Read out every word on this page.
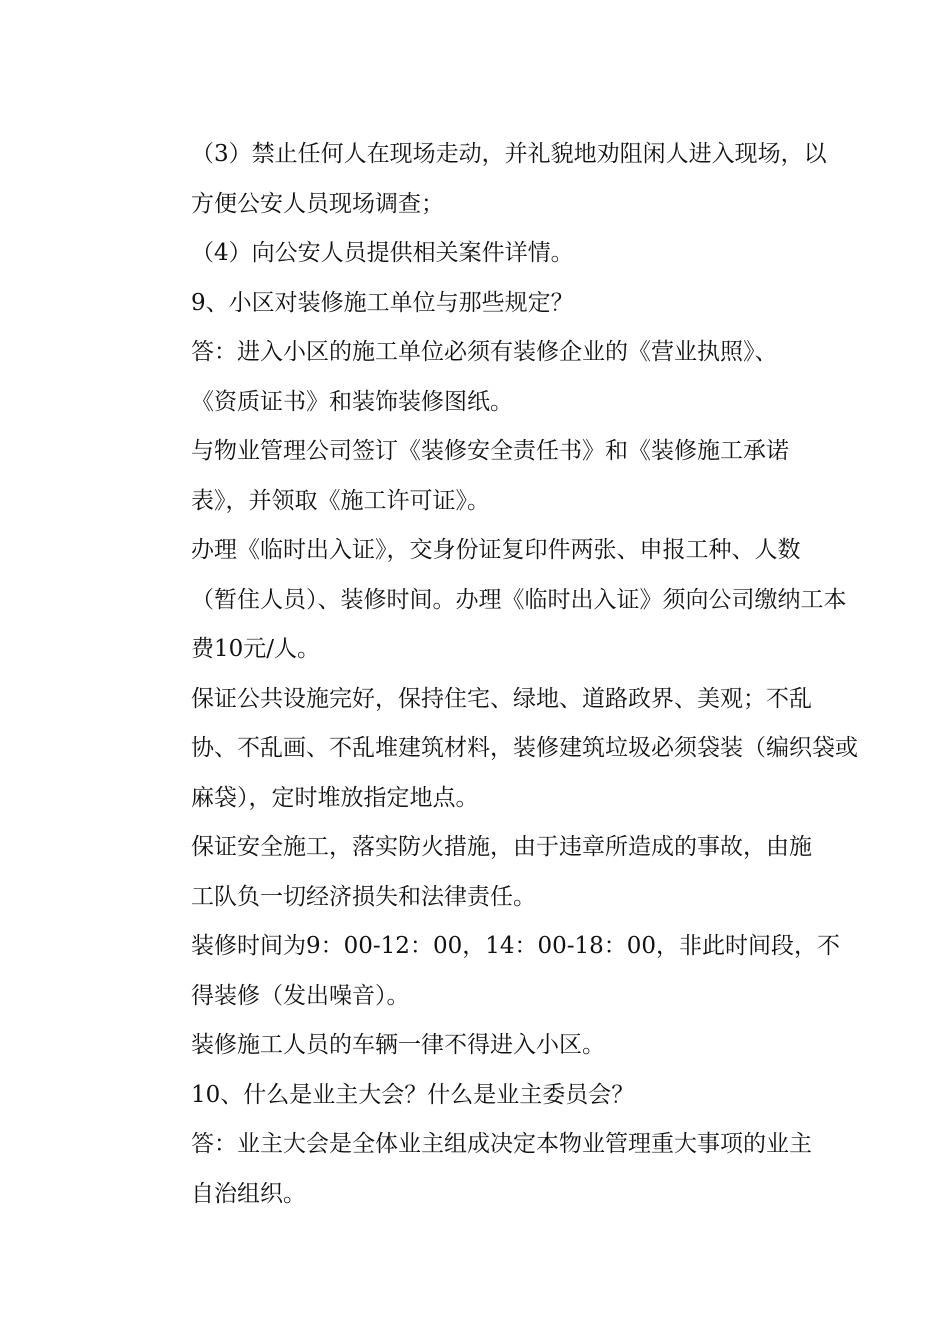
（3）禁止任何人在现场走动，并礼貌地劝阻闲人进入现场，以
方便公安人员现场调查；

（4）向公安人员提供相关案件详情。

9、小区对装修施工单位与那些规定？

答：进入小区的施工单位必须有装修企业的《营业执照》、
《资质证书》和装饰装修图纸。

与物业管理公司签订《装修安全责任书》和《装修施工承诺
表》，并领取《施工许可证》。

办理《临时出入证》，交身份证复印件两张、申报工种、人数
（暂住人员）、装修时间。办理《临时出入证》须向公司缴纳工本
费10元/人。

保证公共设施完好，保持住宅、绿地、道路政界、美观；不乱
协、不乱画、不乱堆建筑材料，装修建筑垃圾必须袋装（编织袋或
麻袋），定时堆放指定地点。

保证安全施工，落实防火措施，由于违章所造成的事故，由施
工队负一切经济损失和法律责任。

装修时间为9：00-12：00，14：00-18：00，非此时间段，不
得装修（发出噪音）。

装修施工人员的车辆一律不得进入小区。

10、什么是业主大会？什么是业主委员会？

答：业主大会是全体业主组成决定本物业管理重大事项的业主
自治组织。
